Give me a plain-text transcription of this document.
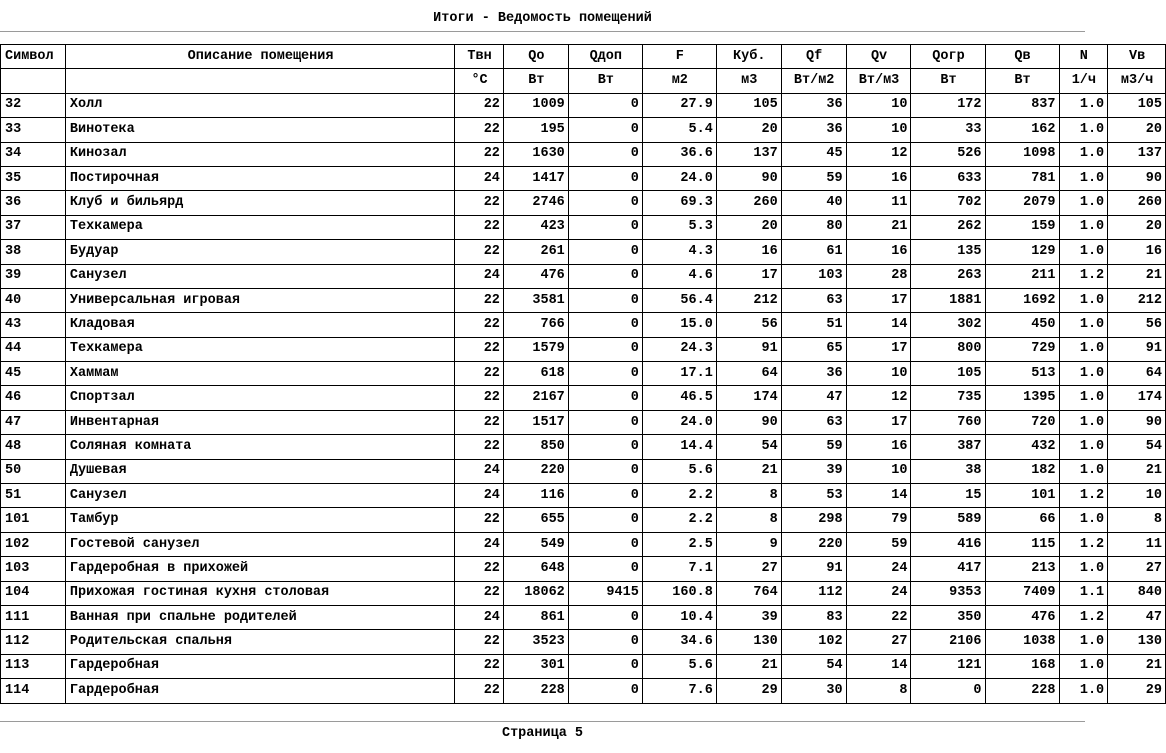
Итоги - Ведомость помещений
Символ	Описание помещения	Tвн	Qo	Qдоп	F	Куб.	Qf	Qv	Qогр	Qв	N	Vв
		°C	Вт	Вт	м2	м3	Вт/м2	Вт/м3	Вт	Вт	1/ч	м3/ч
32	Холл	22	1009	0	27.9	105	36	10	172	837	1.0	105
33	Винотека	22	195	0	5.4	20	36	10	33	162	1.0	20
34	Кинозал	22	1630	0	36.6	137	45	12	526	1098	1.0	137
35	Постирочная	24	1417	0	24.0	90	59	16	633	781	1.0	90
36	Клуб и бильярд	22	2746	0	69.3	260	40	11	702	2079	1.0	260
37	Техкамера	22	423	0	5.3	20	80	21	262	159	1.0	20
38	Будуар	22	261	0	4.3	16	61	16	135	129	1.0	16
39	Санузел	24	476	0	4.6	17	103	28	263	211	1.2	21
40	Универсальная игровая	22	3581	0	56.4	212	63	17	1881	1692	1.0	212
43	Кладовая	22	766	0	15.0	56	51	14	302	450	1.0	56
44	Техкамера	22	1579	0	24.3	91	65	17	800	729	1.0	91
45	Хаммам	22	618	0	17.1	64	36	10	105	513	1.0	64
46	Спортзал	22	2167	0	46.5	174	47	12	735	1395	1.0	174
47	Инвентарная	22	1517	0	24.0	90	63	17	760	720	1.0	90
48	Соляная комната	22	850	0	14.4	54	59	16	387	432	1.0	54
50	Душевая	24	220	0	5.6	21	39	10	38	182	1.0	21
51	Санузел	24	116	0	2.2	8	53	14	15	101	1.2	10
101	Тамбур	22	655	0	2.2	8	298	79	589	66	1.0	8
102	Гостевой санузел	24	549	0	2.5	9	220	59	416	115	1.2	11
103	Гардеробная в прихожей	22	648	0	7.1	27	91	24	417	213	1.0	27
104	Прихожая гостиная кухня столовая	22	18062	9415	160.8	764	112	24	9353	7409	1.1	840
111	Ванная при спальне родителей	24	861	0	10.4	39	83	22	350	476	1.2	47
112	Родительская спальня	22	3523	0	34.6	130	102	27	2106	1038	1.0	130
113	Гардеробная	22	301	0	5.6	21	54	14	121	168	1.0	21
114	Гардеробная	22	228	0	7.6	29	30	8	0	228	1.0	29
Страница 5
